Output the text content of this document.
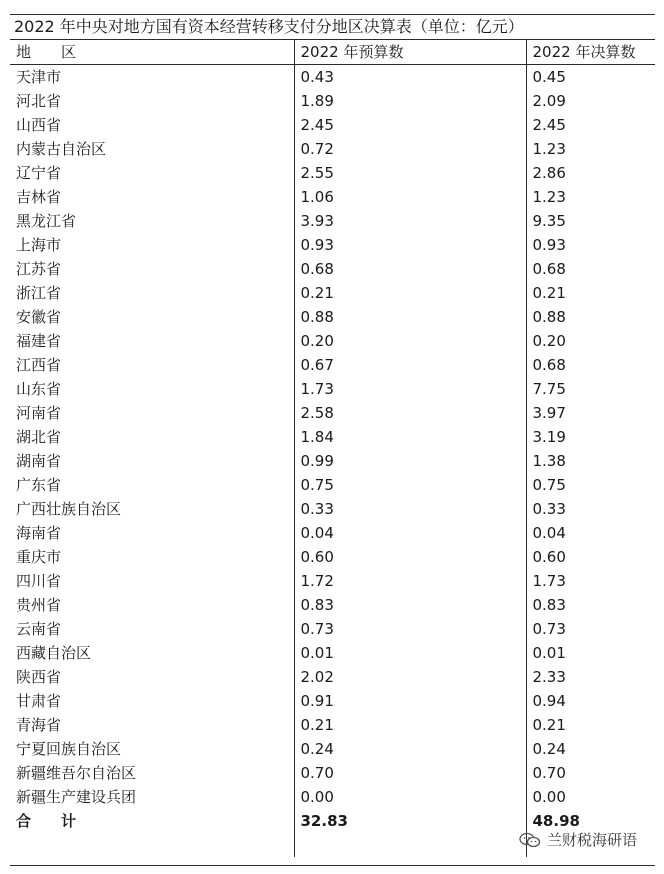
2022 年中央对地方国有资本经营转移支付分地区决算表（单位：亿元）
地　　区	2022 年预算数	2022 年决算数
天津市	0.43	0.45
河北省	1.89	2.09
山西省	2.45	2.45
内蒙古自治区	0.72	1.23
辽宁省	2.55	2.86
吉林省	1.06	1.23
黑龙江省	3.93	9.35
上海市	0.93	0.93
江苏省	0.68	0.68
浙江省	0.21	0.21
安徽省	0.88	0.88
福建省	0.20	0.20
江西省	0.67	0.68
山东省	1.73	7.75
河南省	2.58	3.97
湖北省	1.84	3.19
湖南省	0.99	1.38
广东省	0.75	0.75
广西壮族自治区	0.33	0.33
海南省	0.04	0.04
重庆市	0.60	0.60
四川省	1.72	1.73
贵州省	0.83	0.83
云南省	0.73	0.73
西藏自治区	0.01	0.01
陕西省	2.02	2.33
甘肃省	0.91	0.94
青海省	0.21	0.21
宁夏回族自治区	0.24	0.24
新疆维吾尔自治区	0.70	0.70
新疆生产建设兵团	0.00	0.00
合　　计	32.83	48.98

兰财税海研语
